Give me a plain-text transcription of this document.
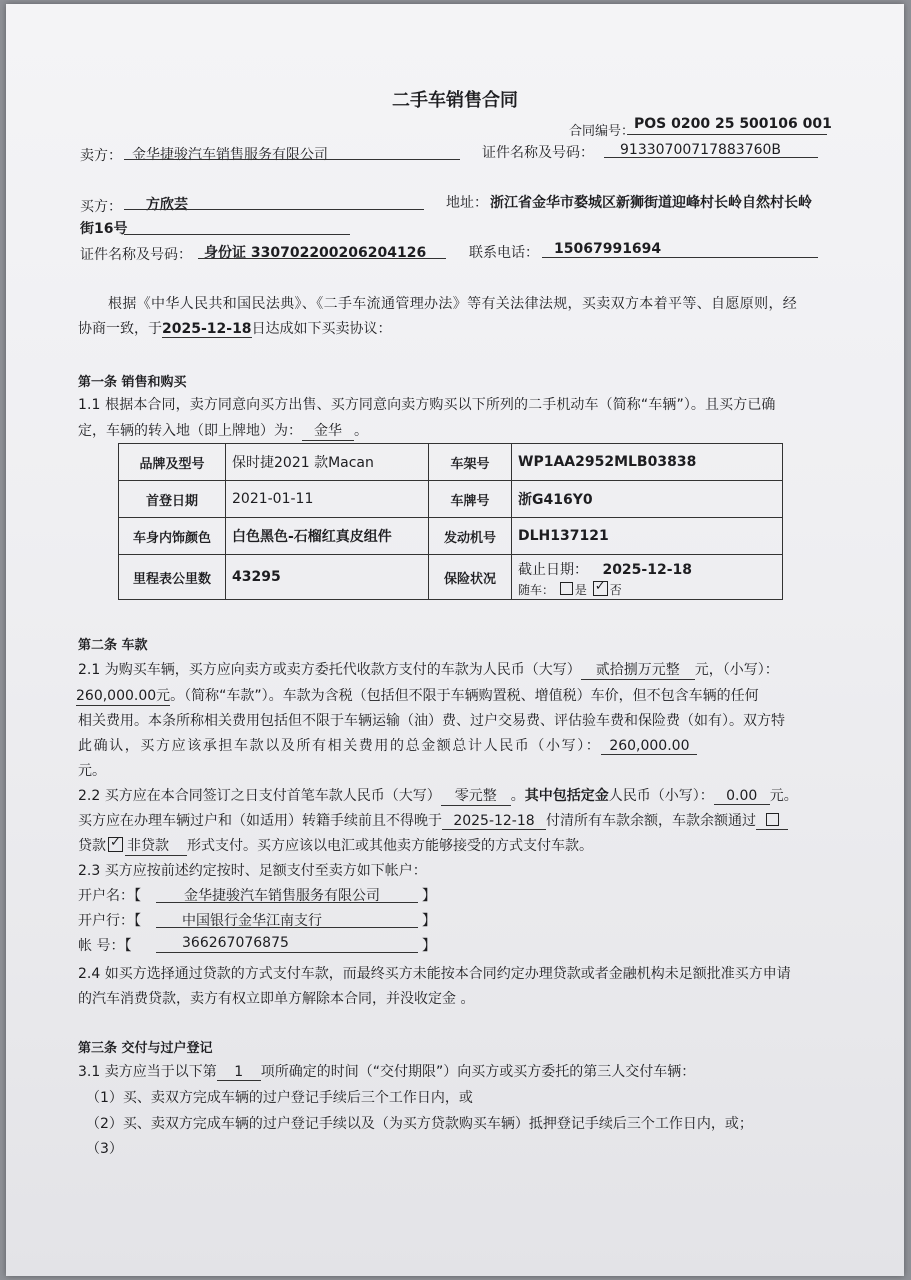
二手车销售合同
合同编号： POS 0200 25 500106 001
卖方： 金华捷骏汽车销售服务有限公司	证件名称及号码： 91330700717883760B
买方： 方欣芸	地址： 浙江省金华市婺城区新狮街道迎峰村长岭自然村长岭
街16号
证件名称及号码： 身份证 330702200206204126	联系电话： 15067991694
根据《中华人民共和国民法典》、《二手车流通管理办法》等有关法律法规，买卖双方本着平等、自愿原则，经
协商一致，于2025-12-18日达成如下买卖协议：
第一条 销售和购买
1.1 根据本合同，卖方同意向买方出售、买方同意向卖方购买以下所列的二手机动车（简称“车辆”）。且买方已确
定，车辆的转入地（即上牌地）为： 金华 。
品牌及型号	保时捷2021 款Macan	车架号	WP1AA2952MLB03838
首登日期	2021-01-11	车牌号	浙G416Y0
车身内饰颜色	白色黑色-石榴红真皮组件	发动机号	DLH137121
里程表公里数	43295	保险状况	截止日期： 2025-12-18
随车： 是 ✓ 否
第二条 车款
2.1 为购买车辆，买方应向卖方或卖方委托代收款方支付的车款为人民币（大写） 贰拾捌万元整 元，（小写）：
260,000.00元。（简称“车款”）。车款为含税（包括但不限于车辆购置税、增值税）车价，但不包含车辆的任何
相关费用。本条所称相关费用包括但不限于车辆运输（油）费、过户交易费、评估验车费和保险费（如有）。双方特
此确认，买方应该承担车款以及所有相关费用的总金额总计人民币（小写）： 260,000.00
元。
2.2 买方应在本合同签订之日支付首笔车款人民币（大写） 零元整 。其中包括定金人民币（小写）： 0.00 元。
买方应在办理车辆过户和（如适用）转籍手续前且不得晚于 2025-12-18 付清所有车款余额，车款余额通过
贷款 ✓ 非贷款 形式支付。买方应该以电汇或其他卖方能够接受的方式支付车款。
2.3 买方应按前述约定按时、足额支付至卖方如下帐户：
开户名：【	金华捷骏汽车销售服务有限公司	】
开户行：【	中国银行金华江南支行	】
帐 号：【	366267076875	】
2.4 如买方选择通过贷款的方式支付车款，而最终买方未能按本合同约定办理贷款或者金融机构未足额批准买方申请
的汽车消费贷款，卖方有权立即单方解除本合同，并没收定金 。
第三条 交付与过户登记
3.1 卖方应当于以下第 1 项所确定的时间（“交付期限”）向买方或买方委托的第三人交付车辆：
（1）买、卖双方完成车辆的过户登记手续后三个工作日内，或
（2）买、卖双方完成车辆的过户登记手续以及（为买方贷款购买车辆）抵押登记手续后三个工作日内，或；
（3）
